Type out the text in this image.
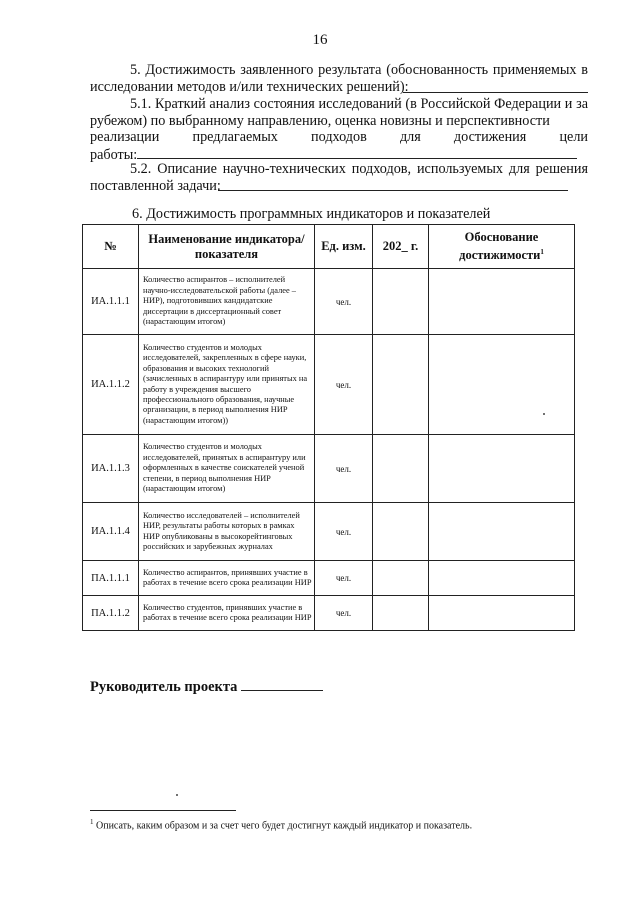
16
5. Достижимость заявленного результата (обоснованность применяемых в исследовании методов и/или технических решений):
5.1. Краткий анализ состояния исследований (в Российской Федерации и за рубежом) по выбранному направлению, оценка новизны и перспективности
реализации предлагаемых подходов для достижения цели
работы:
5.2. Описание научно-технических подходов, используемых для решения поставленной задачи:
6. Достижимость программных индикаторов и показателей
№	Наименование индикатора/показателя	Ед. изм.	202_ г.	Обоснование достижимости$^1$
ИА.1.1.1	Количество аспирантов – исполнителей научно-исследовательской работы (далее – НИР), подготовивших кандидатские диссертации в диссертационный совет (нарастающим итогом)	чел.		
ИА.1.1.2	Количество студентов и молодых исследователей, закрепленных в сфере науки, образования и высоких технологий (зачисленных в аспирантуру или принятых на работу в учреждения высшего профессионального образования, научные организации, в период выполнения НИР (нарастающим итогом))	чел.		
ИА.1.1.3	Количество студентов и молодых исследователей, принятых в аспирантуру или оформленных в качестве соискателей ученой степени, в период выполнения НИР (нарастающим итогом)	чел.		
ИА.1.1.4	Количество исследователей – исполнителей НИР, результаты работы которых в рамках НИР опубликованы в высокорейтинговых российских и зарубежных журналах	чел.		
ПА.1.1.1	Количество аспирантов, принявших участие в работах в течение всего срока реализации НИР	чел.		
ПА.1.1.2	Количество студентов, принявших участие в работах в течение всего срока реализации НИР	чел.		
Руководитель проекта
$^1$ Описать, каким образом и за счет чего будет достигнут каждый индикатор и показатель.
